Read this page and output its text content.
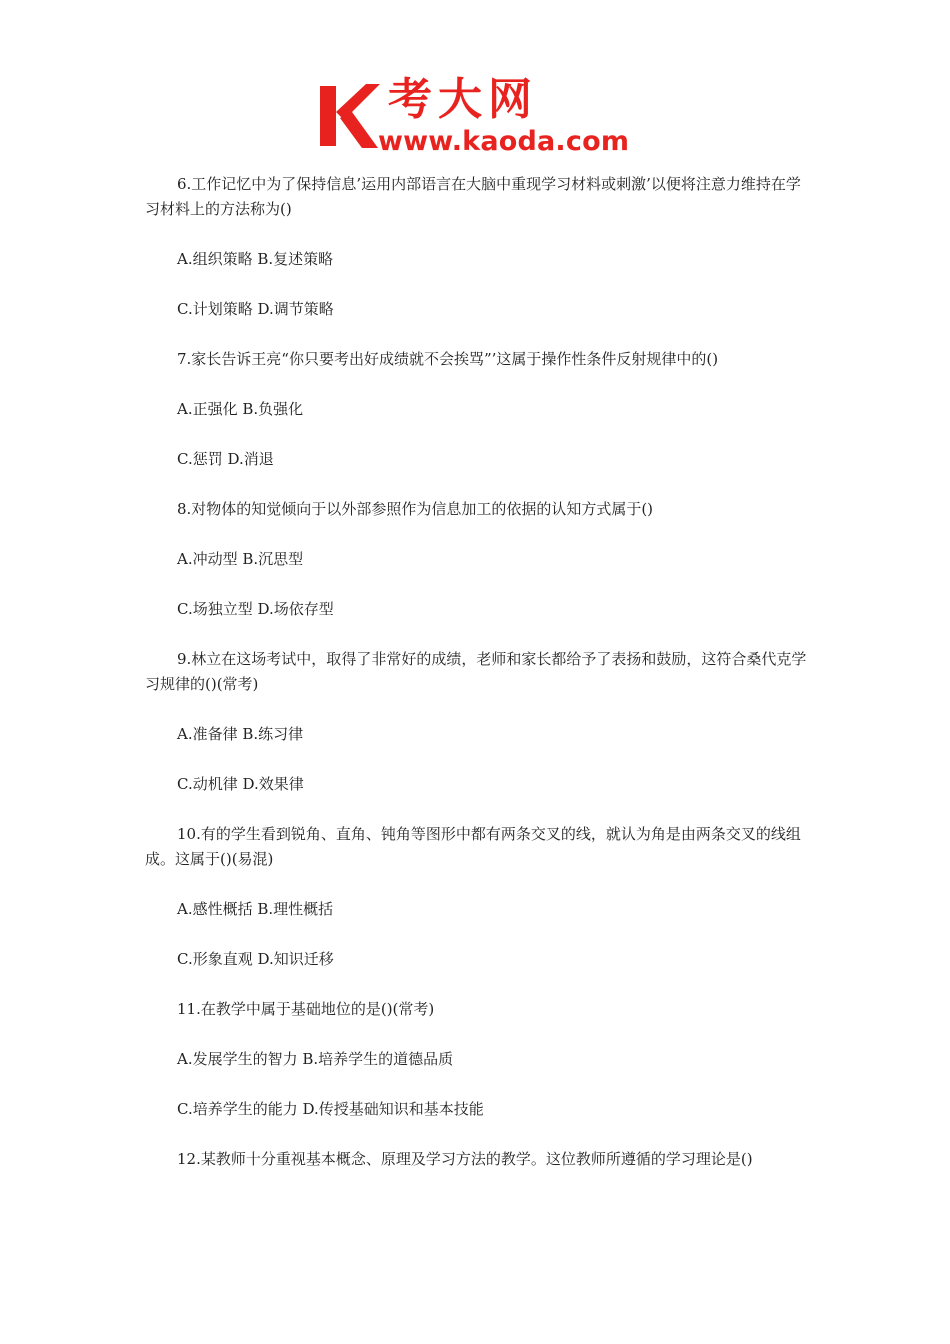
考大网
www.kaoda.com

6.工作记忆中为了保持信息’运用内部语言在大脑中重现学习材料或刺激’以便将注意力维持在学习材料上的方法称为()

A.组织策略 B.复述策略

C.计划策略 D.调节策略

7.家长告诉王亮“你只要考出好成绩就不会挨骂”’这属于操作性条件反射规律中的()

A.正强化 B.负强化

C.惩罚 D.消退

8.对物体的知觉倾向于以外部参照作为信息加工的依据的认知方式属于()

A.冲动型 B.沉思型

C.场独立型 D.场依存型

9.林立在这场考试中，取得了非常好的成绩，老师和家长都给予了表扬和鼓励，这符合桑代克学习规律的()(常考)

A.准备律 B.练习律

C.动机律 D.效果律

10.有的学生看到锐角、直角、钝角等图形中都有两条交叉的线，就认为角是由两条交叉的线组成。这属于()(易混)

A.感性概括 B.理性概括

C.形象直观 D.知识迁移

11.在教学中属于基础地位的是()(常考)

A.发展学生的智力 B.培养学生的道德品质

C.培养学生的能力 D.传授基础知识和基本技能

12.某教师十分重视基本概念、原理及学习方法的教学。这位教师所遵循的学习理论是()
